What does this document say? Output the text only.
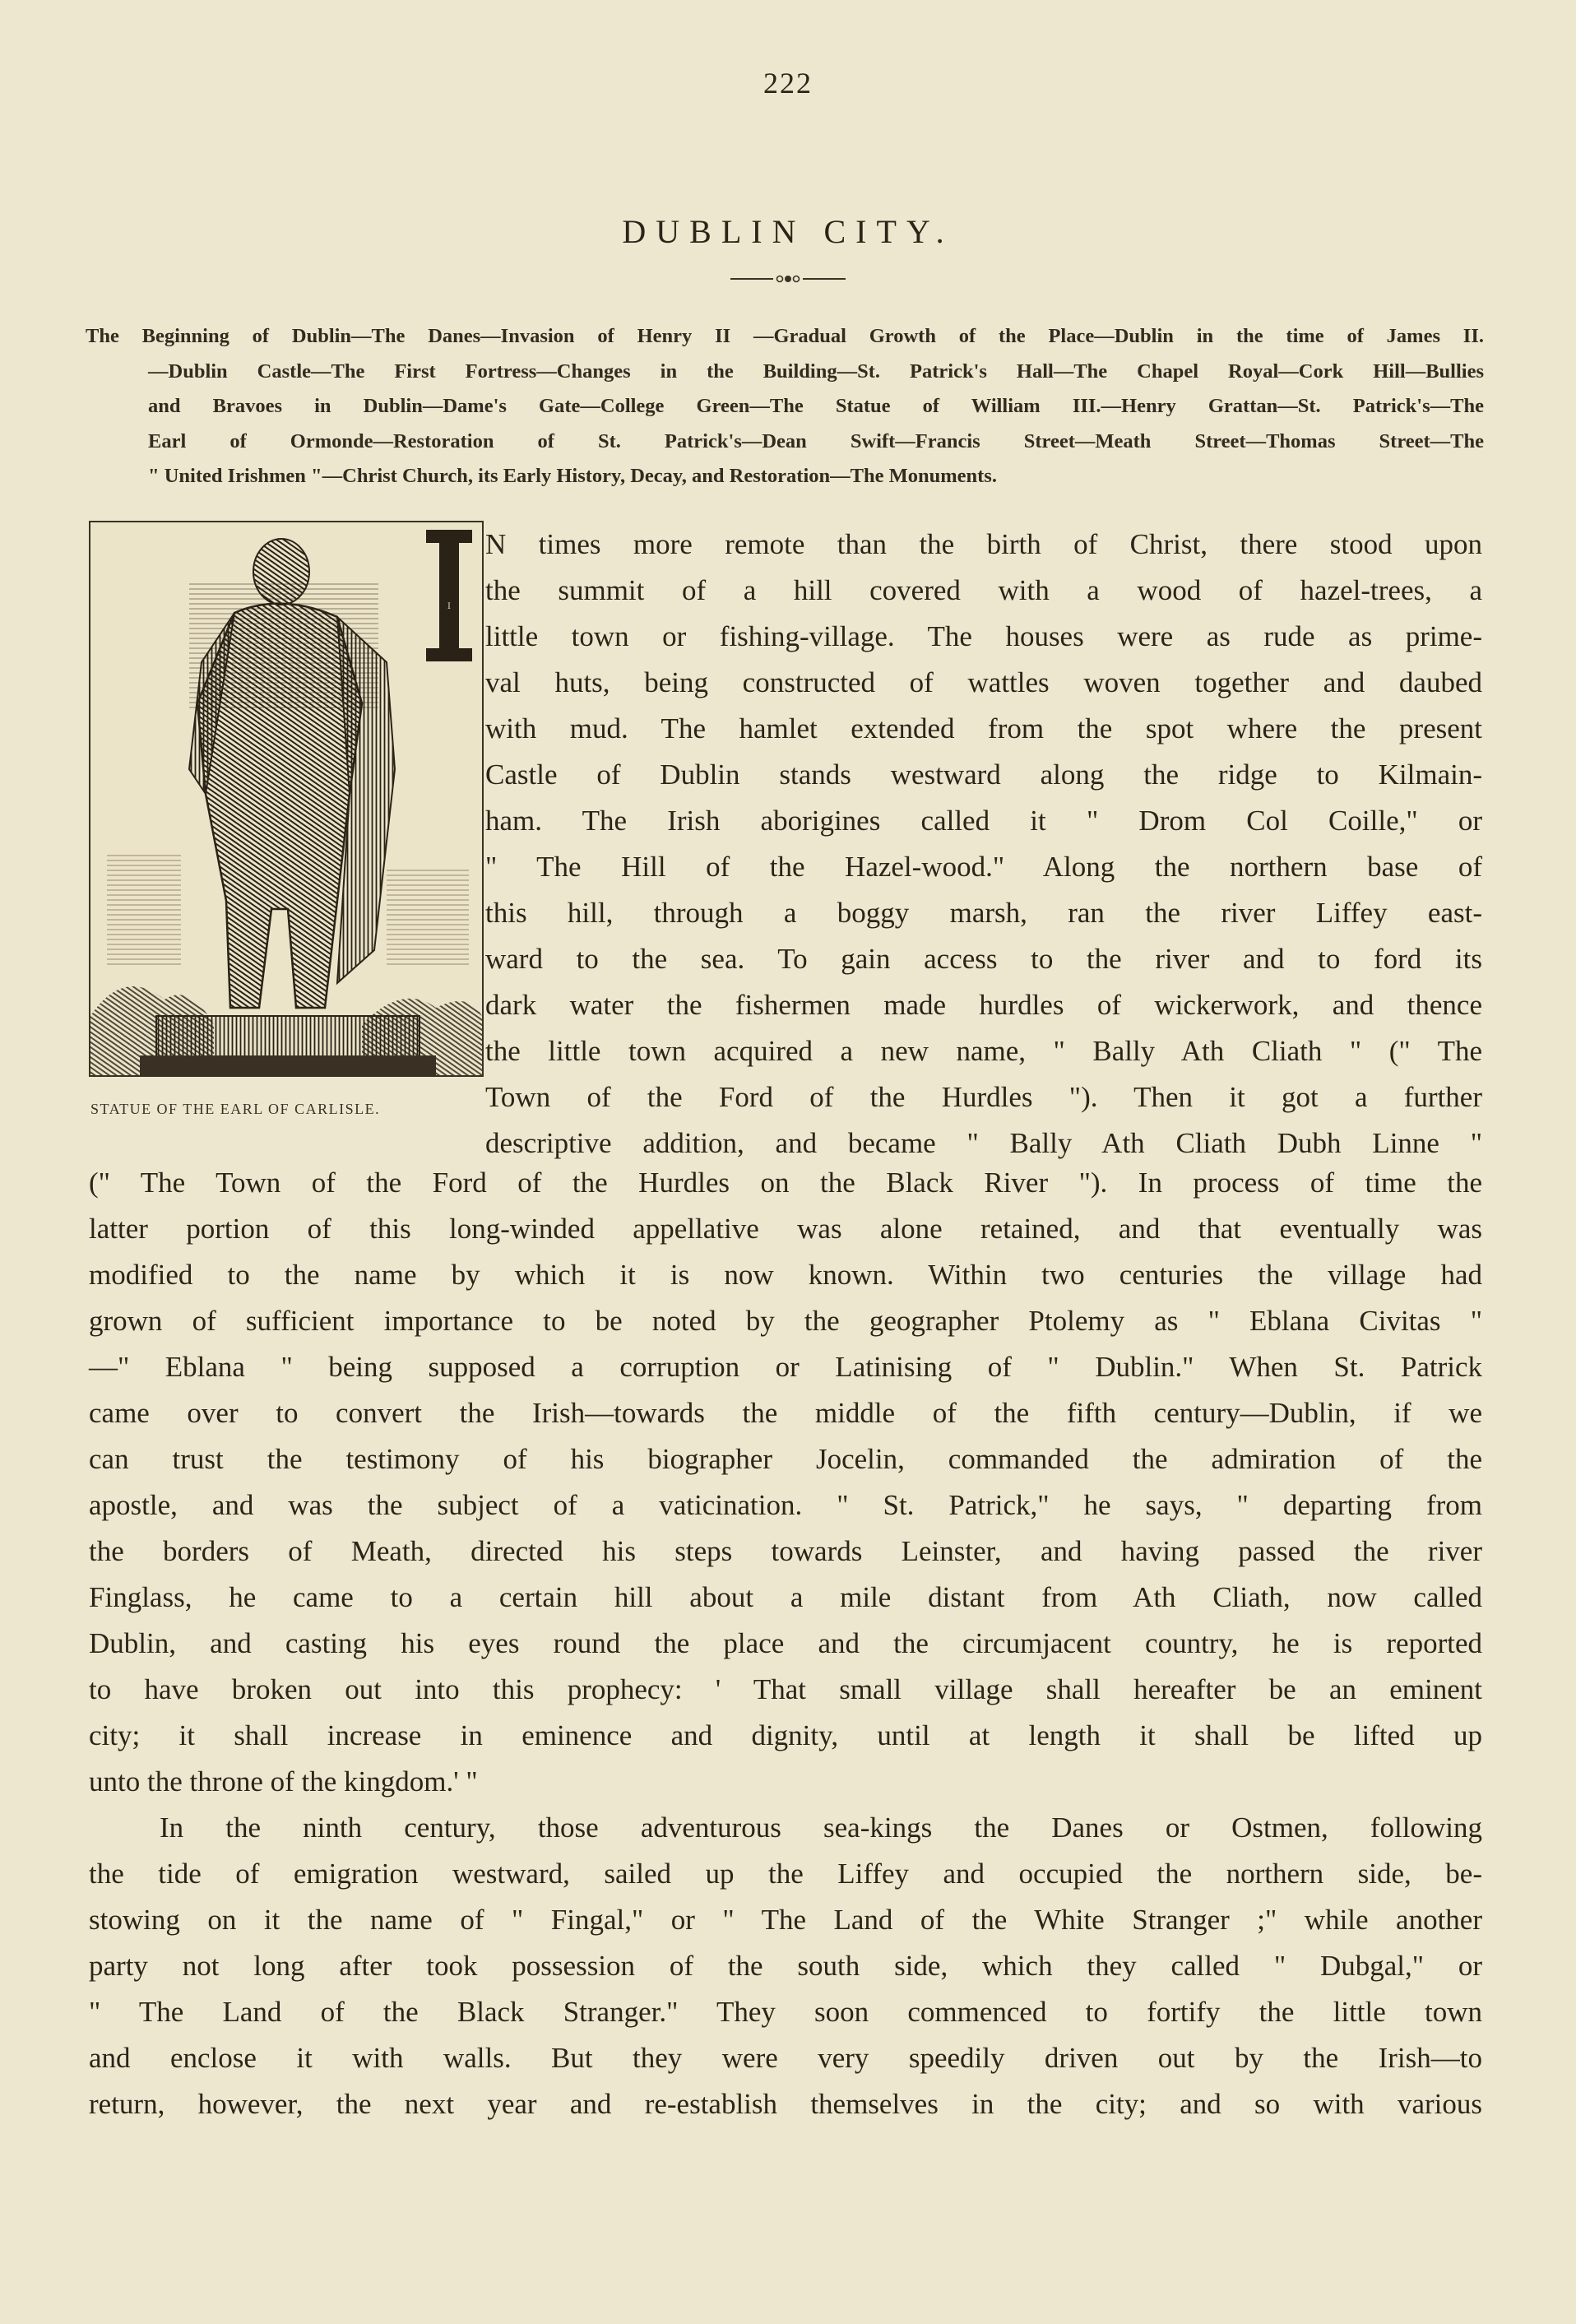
222
DUBLIN CITY.
The Beginning of Dublin—The Danes—Invasion of Henry II —Gradual Growth of the Place—Dublin in the time of James II.
—Dublin Castle—The First Fortress—Changes in the Building—St. Patrick's Hall—The Chapel Royal—Cork Hill—Bullies
and Bravoes in Dublin—Dame's Gate—College Green—The Statue of William III.—Henry Grattan—St. Patrick's—The
Earl of Ormonde—Restoration of St. Patrick's—Dean Swift—Francis Street—Meath Street—Thomas Street—The
" United Irishmen "—Christ Church, its Early History, Decay, and Restoration—The Monuments.
I
STATUE OF THE EARL OF CARLISLE.
N times more remote than the birth of Christ, there stood upon
the summit of a hill covered with a wood of hazel-trees, a
little town or fishing-village. The houses were as rude as prime-
val huts, being constructed of wattles woven together and daubed
with mud. The hamlet extended from the spot where the present
Castle of Dublin stands westward along the ridge to Kilmain-
ham. The Irish aborigines called it " Drom Col Coille," or
" The Hill of the Hazel-wood." Along the northern base of
this hill, through a boggy marsh, ran the river Liffey east-
ward to the sea. To gain access to the river and to ford its
dark water the fishermen made hurdles of wickerwork, and thence
the little town acquired a new name, " Bally Ath Cliath " (" The
Town of the Ford of the Hurdles "). Then it got a further
descriptive addition, and became " Bally Ath Cliath Dubh Linne "
(" The Town of the Ford of the Hurdles on the Black River "). In process of time the
latter portion of this long-winded appellative was alone retained, and that eventually was
modified to the name by which it is now known. Within two centuries the village had
grown of sufficient importance to be noted by the geographer Ptolemy as " Eblana Civitas "
—" Eblana " being supposed a corruption or Latinising of " Dublin." When St. Patrick
came over to convert the Irish—towards the middle of the fifth century—Dublin, if we
can trust the testimony of his biographer Jocelin, commanded the admiration of the
apostle, and was the subject of a vaticination. " St. Patrick," he says, " departing from
the borders of Meath, directed his steps towards Leinster, and having passed the river
Finglass, he came to a certain hill about a mile distant from Ath Cliath, now called
Dublin, and casting his eyes round the place and the circumjacent country, he is reported
to have broken out into this prophecy: ' That small village shall hereafter be an eminent
city; it shall increase in eminence and dignity, until at length it shall be lifted up
unto the throne of the kingdom.' "
In the ninth century, those adventurous sea-kings the Danes or Ostmen, following
the tide of emigration westward, sailed up the Liffey and occupied the northern side, be-
stowing on it the name of " Fingal," or " The Land of the White Stranger ;" while another
party not long after took possession of the south side, which they called " Dubgal," or
" The Land of the Black Stranger." They soon commenced to fortify the little town
and enclose it with walls. But they were very speedily driven out by the Irish—to
return, however, the next year and re-establish themselves in the city; and so with various
